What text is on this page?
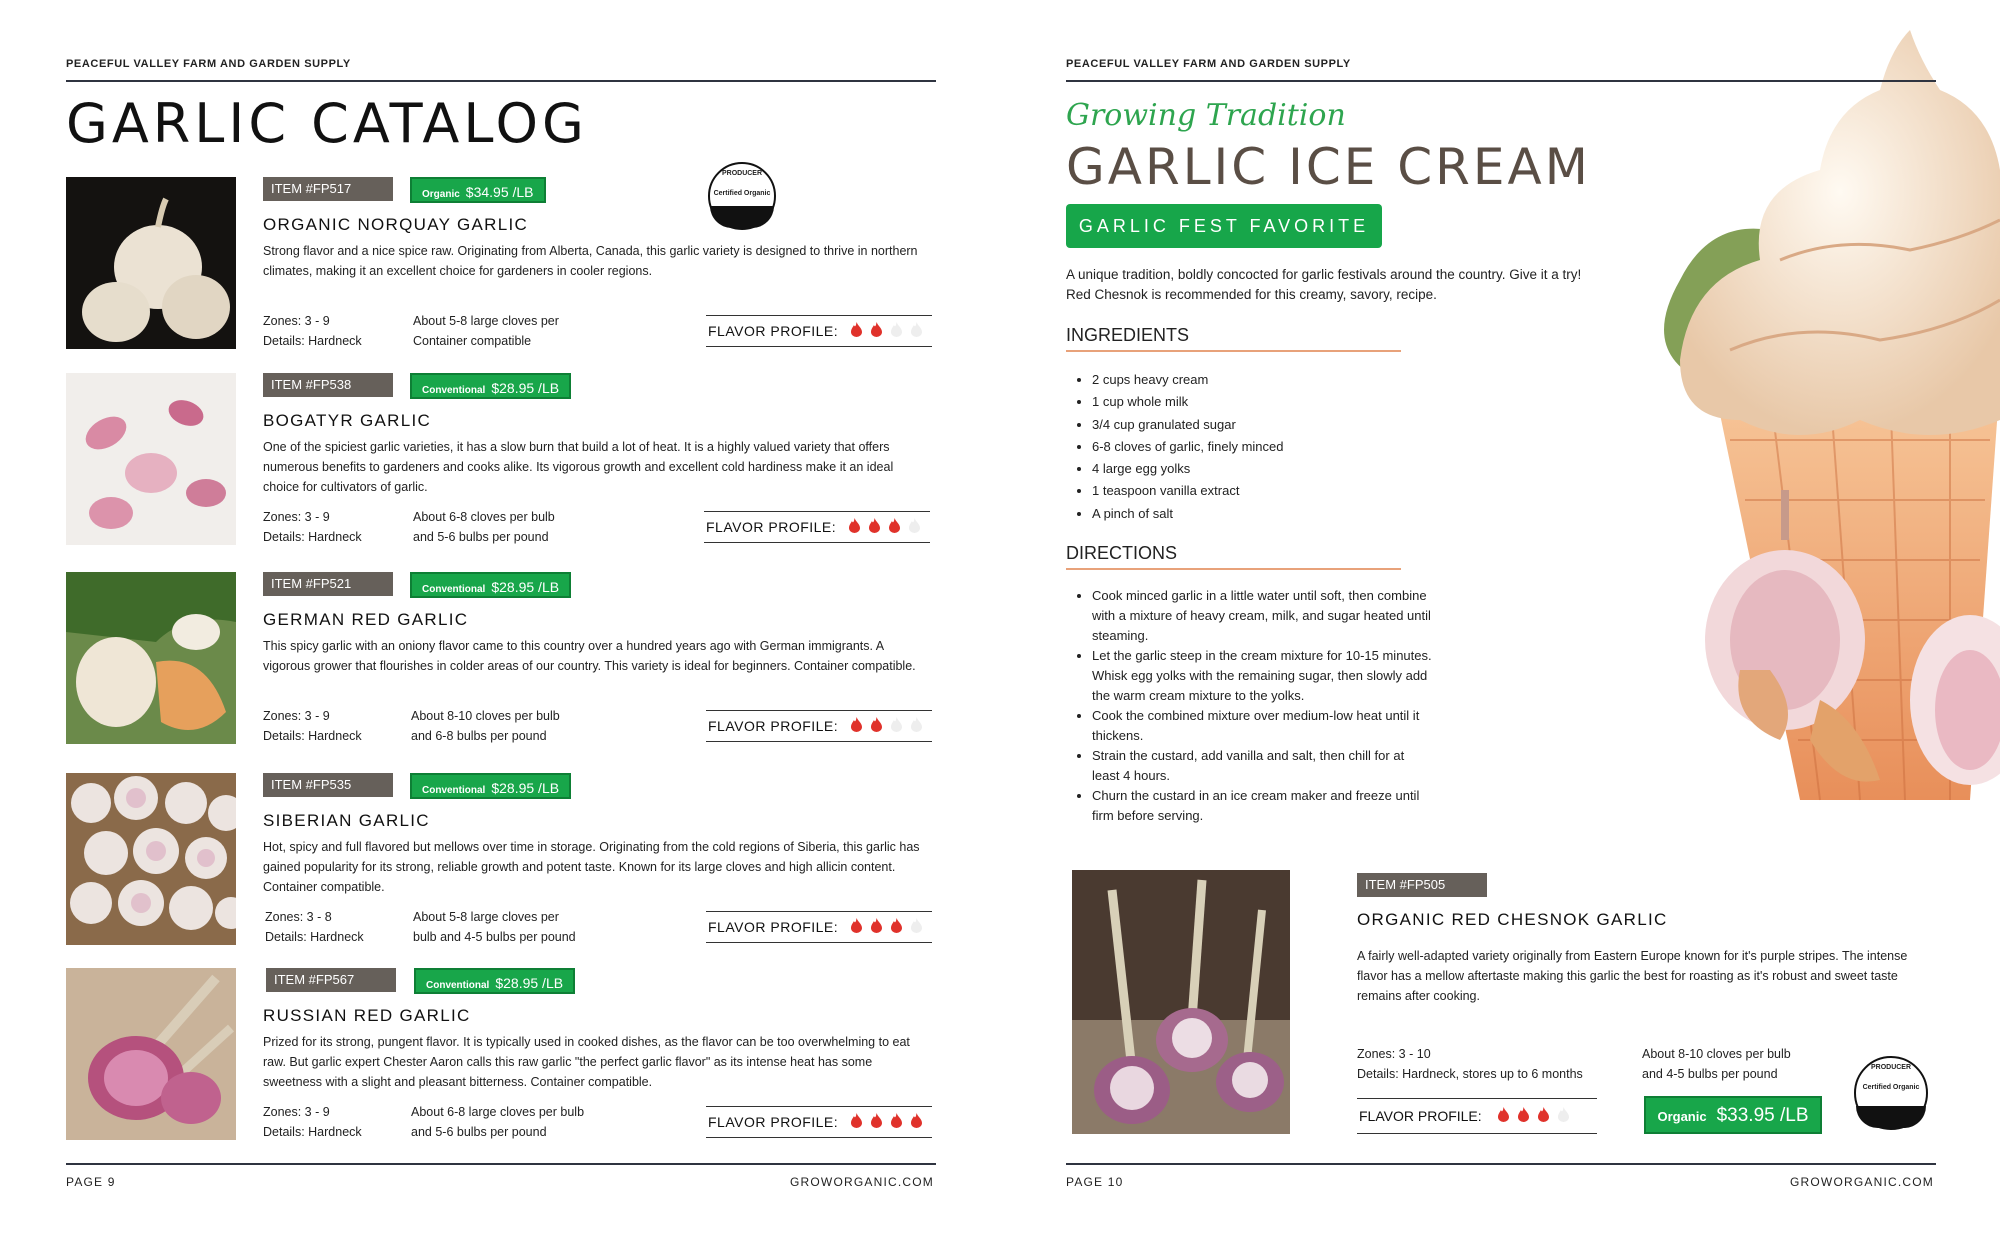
PEACEFUL VALLEY FARM AND GARDEN SUPPLY
GARLIC CATALOG
PRODUCER
Certified Organic
ITEM #FP517	Organic $34.95 /LB
ORGANIC NORQUAY GARLIC
Strong flavor and a nice spice raw. Originating from Alberta, Canada, this garlic variety is designed to thrive in northern climates, making it an excellent choice for gardeners in cooler regions.
Zones: 3 - 9
Details: Hardneck
About 5-8 large cloves per
Container compatible
FLAVOR PROFILE:
ITEM #FP538	Conventional $28.95 /LB
BOGATYR GARLIC
One of the spiciest garlic varieties, it has a slow burn that build a lot of heat. It is a highly valued variety that offers numerous benefits to gardeners and cooks alike. Its vigorous growth and excellent cold hardiness make it an ideal choice for cultivators of garlic.
Zones: 3 - 9
Details: Hardneck
About 6-8 cloves per bulb
and 5-6 bulbs per pound
FLAVOR PROFILE:
ITEM #FP521	Conventional $28.95 /LB
GERMAN RED GARLIC
This spicy garlic with an oniony flavor came to this country over a hundred years ago with German immigrants. A vigorous grower that flourishes in colder areas of our country. This variety is ideal for beginners. Container compatible.
Zones: 3 - 9
Details: Hardneck
About 8-10 cloves per bulb
and 6-8 bulbs per pound
FLAVOR PROFILE:
ITEM #FP535	Conventional $28.95 /LB
SIBERIAN GARLIC
Hot, spicy and full flavored but mellows over time in storage. Originating from the cold regions of Siberia, this garlic has gained popularity for its strong, reliable growth and potent taste. Known for its large cloves and high allicin content. Container compatible.
Zones: 3 - 8
Details: Hardneck
About 5-8 large cloves per
bulb and 4-5 bulbs per pound
FLAVOR PROFILE:
ITEM #FP567	Conventional $28.95 /LB
RUSSIAN RED GARLIC
Prized for its strong, pungent flavor. It is typically used in cooked dishes, as the flavor can be too overwhelming to eat raw. But garlic expert Chester Aaron calls this raw garlic "the perfect garlic flavor" as its intense heat has some sweetness with a slight and pleasant bitterness. Container compatible.
Zones: 3 - 9
Details: Hardneck
About 6-8 large cloves per bulb
and 5-6 bulbs per pound
FLAVOR PROFILE:
PAGE 9	GROWORGANIC.COM
PEACEFUL VALLEY FARM AND GARDEN SUPPLY
Growing Tradition
GARLIC ICE CREAM
GARLIC FEST FAVORITE
A unique tradition, boldly concocted for garlic festivals around the country. Give it a try! Red Chesnok is recommended for this creamy, savory, recipe.
INGREDIENTS
• 2 cups heavy cream
• 1 cup whole milk
• 3/4 cup granulated sugar
• 6-8 cloves of garlic, finely minced
• 4 large egg yolks
• 1 teaspoon vanilla extract
• A pinch of salt
DIRECTIONS
• Cook minced garlic in a little water until soft, then combine with a mixture of heavy cream, milk, and sugar heated until steaming.
• Let the garlic steep in the cream mixture for 10-15 minutes. Whisk egg yolks with the remaining sugar, then slowly add the warm cream mixture to the yolks.
• Cook the combined mixture over medium-low heat until it thickens.
• Strain the custard, add vanilla and salt, then chill for at least 4 hours.
• Churn the custard in an ice cream maker and freeze until firm before serving.
ITEM #FP505
ORGANIC RED CHESNOK GARLIC
A fairly well-adapted variety originally from Eastern Europe known for it's purple stripes. The intense flavor has a mellow aftertaste making this garlic the best for roasting as it's robust and sweet taste remains after cooking.
Zones: 3 - 10
Details: Hardneck, stores up to 6 months
About 8-10 cloves per bulb
and 4-5 bulbs per pound
FLAVOR PROFILE:	Organic $33.95 /LB
PRODUCER
Certified Organic
PAGE 10	GROWORGANIC.COM
